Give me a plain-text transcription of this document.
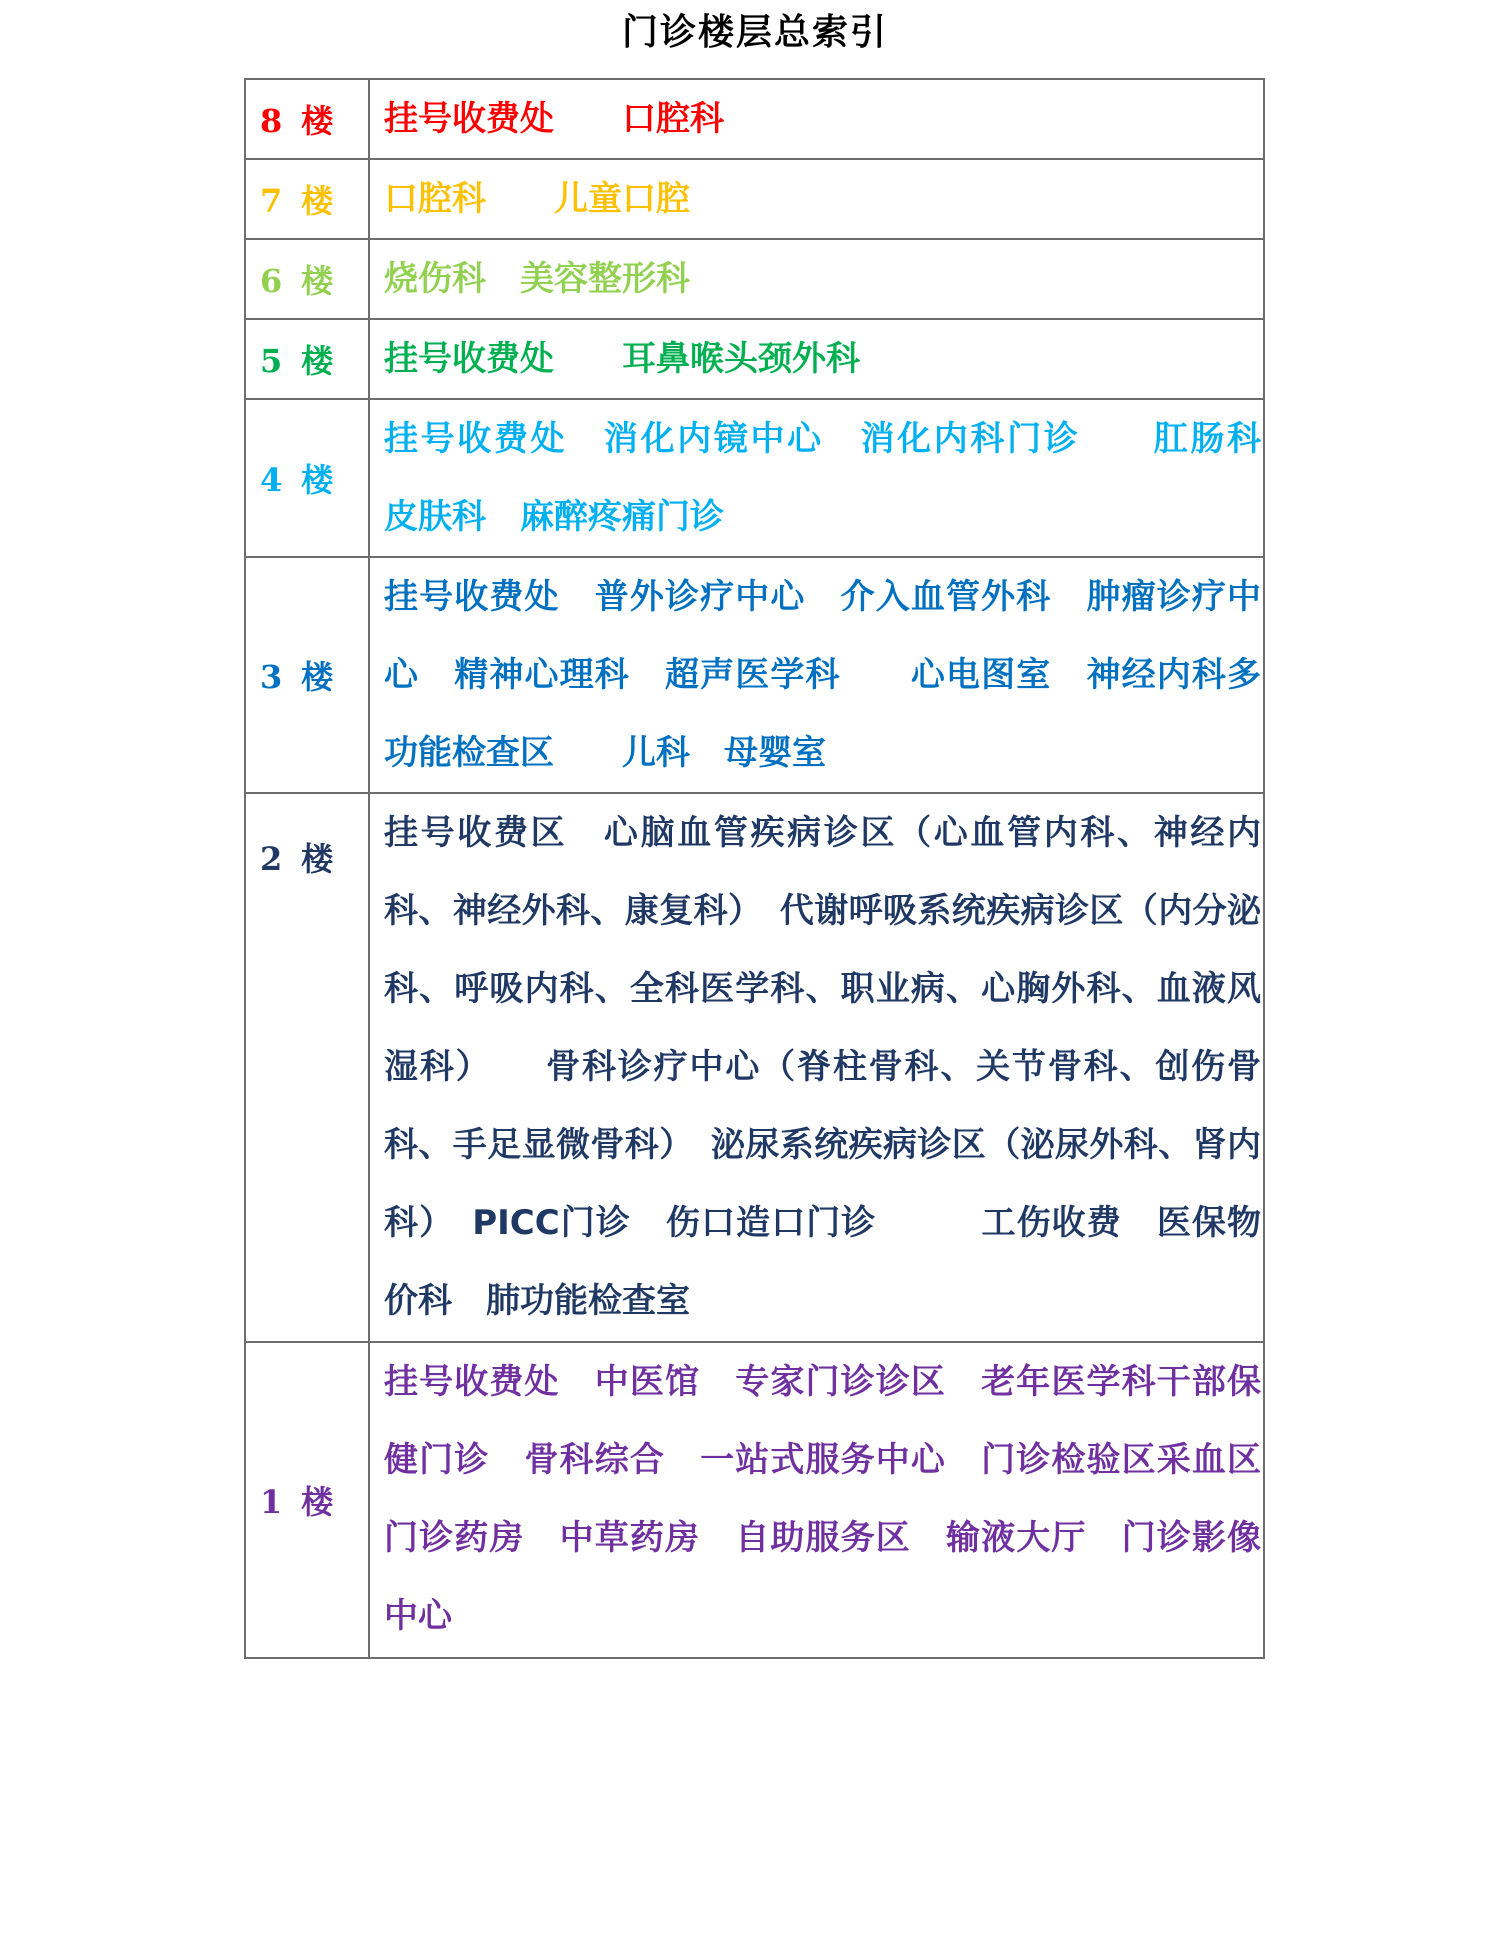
门诊楼层总索引
8 楼	挂号收费处　　口腔科
7 楼	口腔科　　儿童口腔
6 楼	烧伤科　美容整形科
5 楼	挂号收费处　　耳鼻喉头颈外科
4 楼	挂号收费处　消化内镜中心　消化内科门诊　　肛肠科　皮肤科　麻醉疼痛门诊
3 楼	挂号收费处　普外诊疗中心　介入血管外科　肿瘤诊疗中心　精神心理科　超声医学科　　心电图室　神经内科多功能检查区　　儿科　母婴室
2 楼	挂号收费区　心脑血管疾病诊区（心血管内科、神经内科、神经外科、康复科）　代谢呼吸系统疾病诊区（内分泌科、呼吸内科、全科医学科、职业病、心胸外科、血液风湿科）　　骨科诊疗中心（脊柱骨科、关节骨科、创伤骨科、手足显微骨科）　泌尿系统疾病诊区（泌尿外科、肾内科）　PICC门诊　伤口造口门诊　　　工伤收费　医保物价科　肺功能检查室
1 楼	挂号收费处　中医馆　专家门诊诊区　老年医学科干部保健门诊　骨科综合　一站式服务中心　门诊检验区采血区　门诊药房　中草药房　自助服务区　输液大厅　门诊影像中心
